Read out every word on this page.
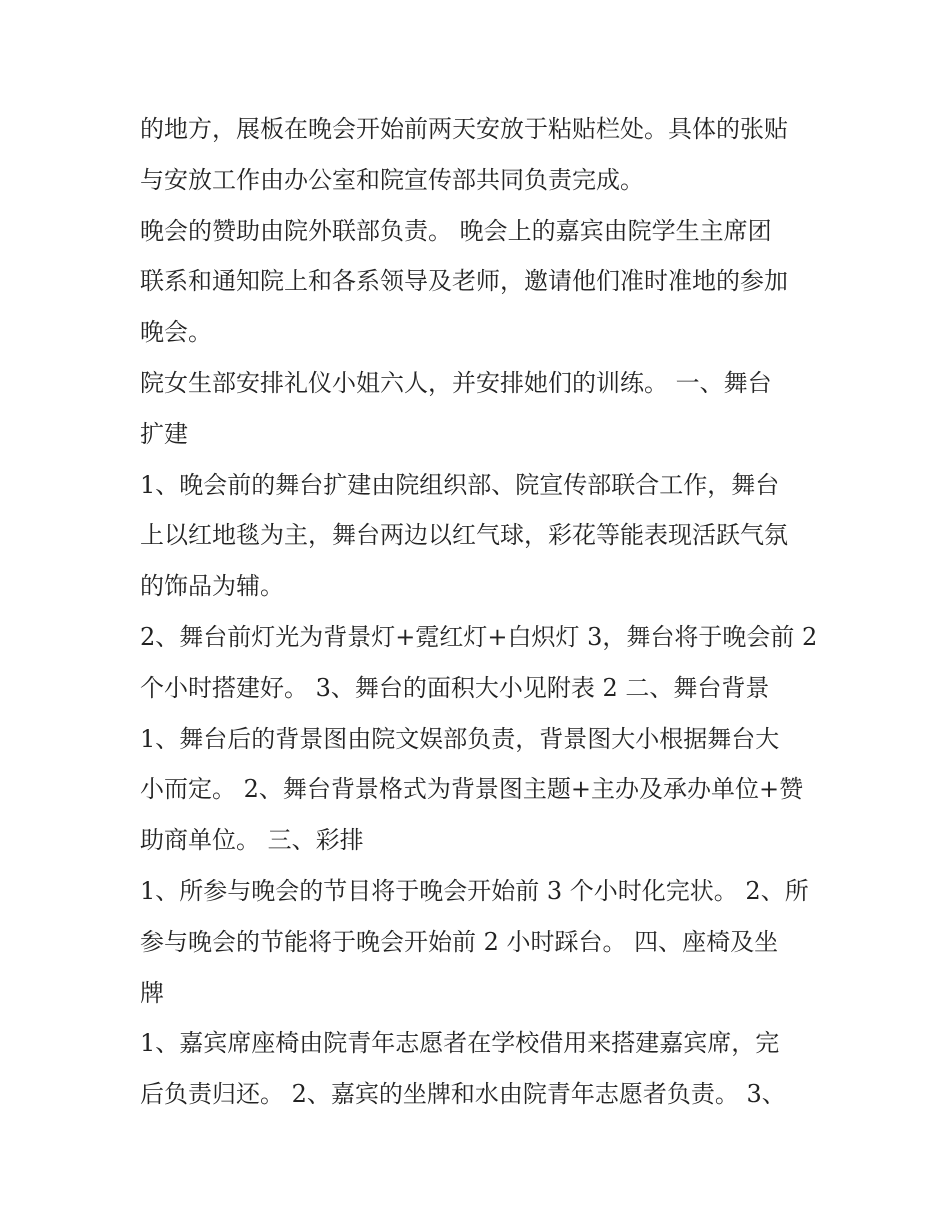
的地方，展板在晚会开始前两天安放于粘贴栏处。具体的张贴
与安放工作由办公室和院宣传部共同负责完成。
晚会的赞助由院外联部负责。 晚会上的嘉宾由院学生主席团
联系和通知院上和各系领导及老师，邀请他们准时准地的参加
晚会。
院女生部安排礼仪小姐六人，并安排她们的训练。 一、舞台
扩建
1、晚会前的舞台扩建由院组织部、院宣传部联合工作，舞台
上以红地毯为主，舞台两边以红气球，彩花等能表现活跃气氛
的饰品为辅。
2、舞台前灯光为背景灯+霓红灯+白炽灯 3，舞台将于晚会前 2
个小时搭建好。 3、舞台的面积大小见附表 2 二、舞台背景
1、舞台后的背景图由院文娱部负责，背景图大小根据舞台大
小而定。 2、舞台背景格式为背景图主题+主办及承办单位+赞
助商单位。 三、彩排
1、所参与晚会的节目将于晚会开始前 3 个小时化完状。 2、所
参与晚会的节能将于晚会开始前 2 小时踩台。 四、座椅及坐
牌
1、嘉宾席座椅由院青年志愿者在学校借用来搭建嘉宾席，完
后负责归还。 2、嘉宾的坐牌和水由院青年志愿者负责。 3、
